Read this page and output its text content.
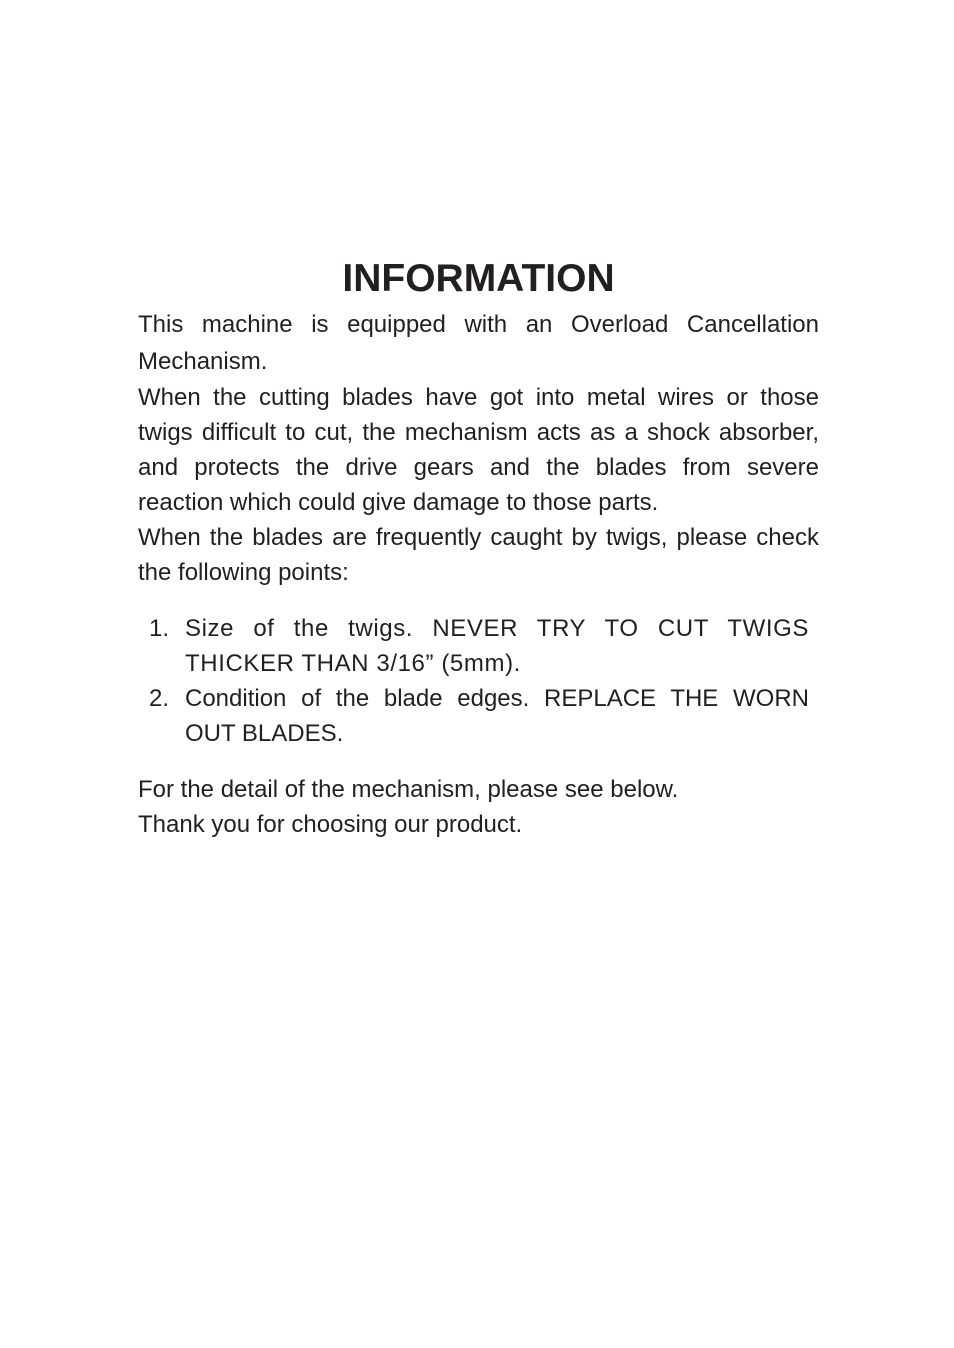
INFORMATION

This machine is equipped with an Overload Cancellation Mechanism.

When the cutting blades have got into metal wires or those twigs difficult to cut, the mechanism acts as a shock absorber, and protects the drive gears and the blades from severe reaction which could give damage to those parts.

When the blades are frequently caught by twigs, please check the following points:

1. Size of the twigs. NEVER TRY TO CUT TWIGS THICKER THAN 3/16” (5mm).
2. Condition of the blade edges. REPLACE THE WORN OUT BLADES.

For the detail of the mechanism, please see below.

Thank you for choosing our product.
